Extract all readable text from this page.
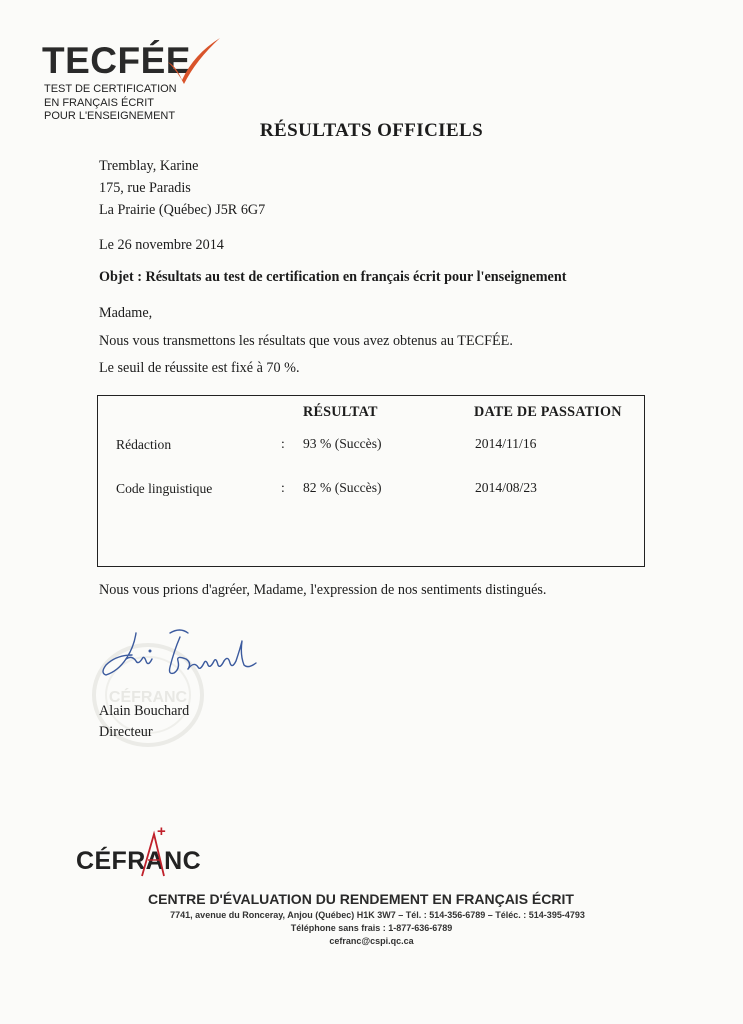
TECFÉE
TEST DE CERTIFICATION
EN FRANÇAIS ÉCRIT
POUR L'ENSEIGNEMENT
RÉSULTATS OFFICIELS
Tremblay, Karine
175, rue Paradis
La Prairie (Québec) J5R 6G7
Le 26 novembre 2014
Objet : Résultats au test de certification en français écrit pour l'enseignement
Madame,
Nous vous transmettons les résultats que vous avez obtenus au TECFÉE.
Le seuil de réussite est fixé à 70 %.
RÉSULTAT	DATE DE PASSATION
Rédaction	: 93 % (Succès)	2014/11/16
Code linguistique	: 82 % (Succès)	2014/08/23
Nous vous prions d'agréer, Madame, l'expression de nos sentiments distingués.
CÉFRANC
Alain Bouchard
Directeur
CÉFRANC
+
CENTRE D'ÉVALUATION DU RENDEMENT EN FRANÇAIS ÉCRIT
7741, avenue du Ronceray, Anjou (Québec) H1K 3W7 – Tél. : 514-356-6789 – Téléc. : 514-395-4793
Téléphone sans frais : 1-877-636-6789
cefranc@cspi.qc.ca
